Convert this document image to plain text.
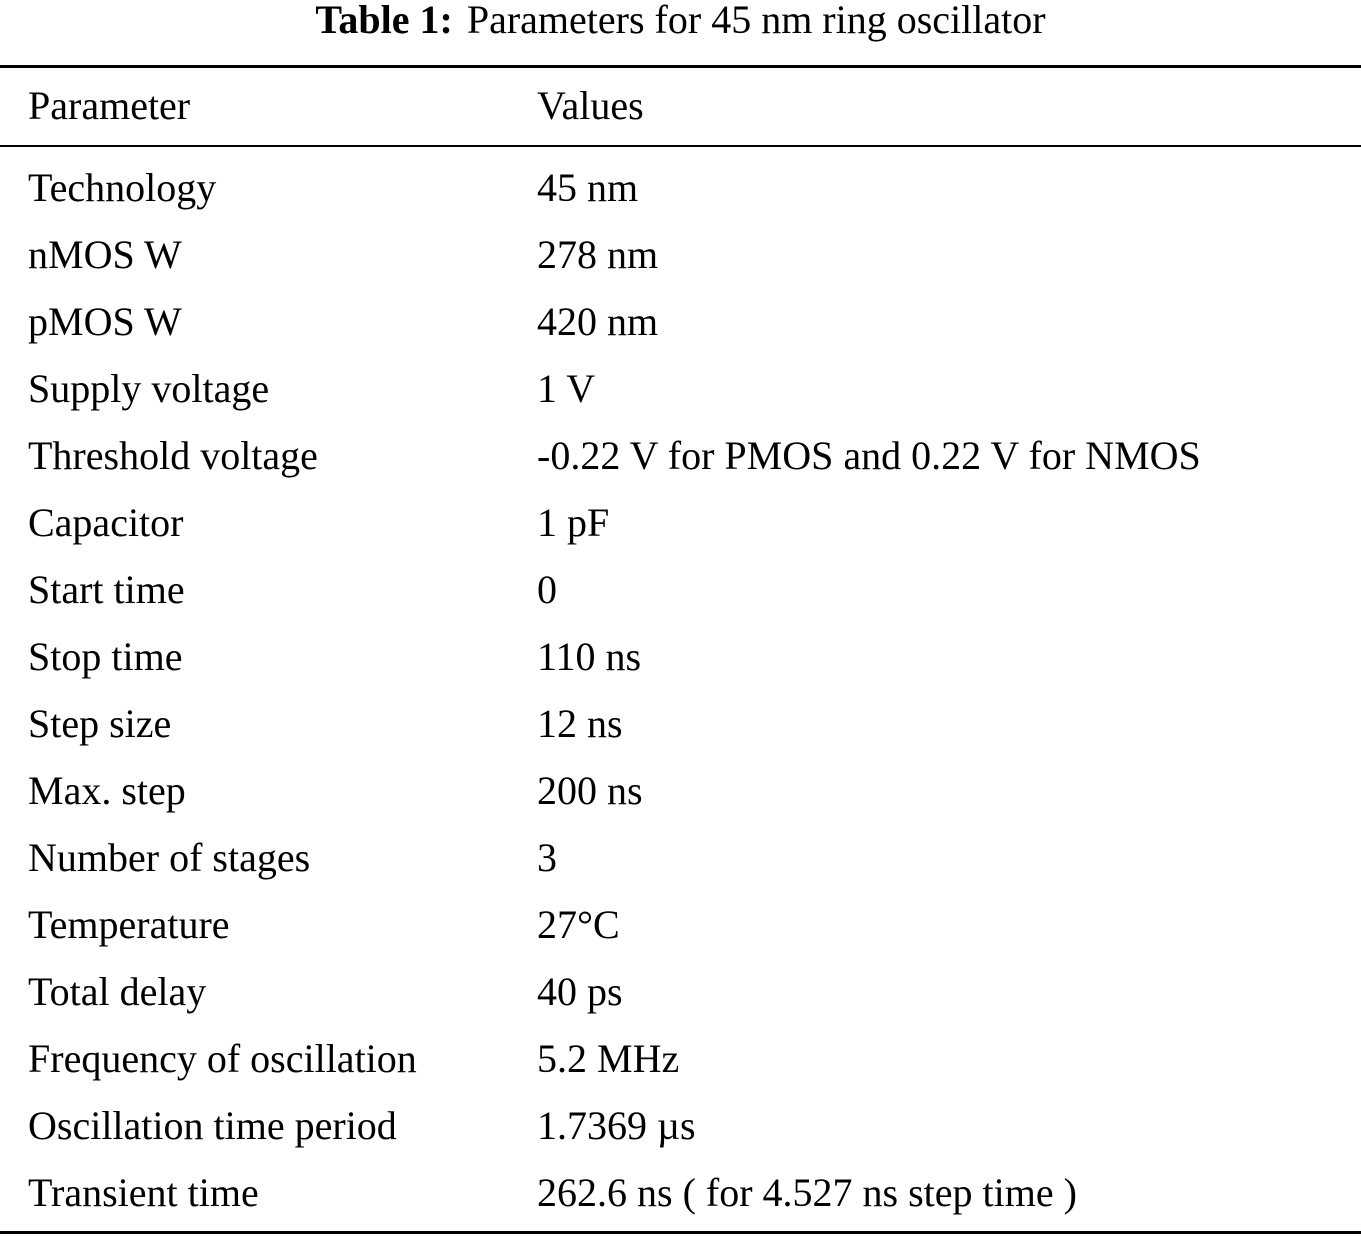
Table 1: Parameters for 45 nm ring oscillator
Parameter	Values
Technology	45 nm
nMOS W	278 nm
pMOS W	420 nm
Supply voltage	1 V
Threshold voltage	-0.22 V for PMOS and 0.22 V for NMOS
Capacitor	1 pF
Start time	0
Stop time	110 ns
Step size	12 ns
Max. step	200 ns
Number of stages	3
Temperature	27°C
Total delay	40 ps
Frequency of oscillation	5.2 MHz
Oscillation time period	1.7369 µs
Transient time	262.6 ns ( for 4.527 ns step time )
